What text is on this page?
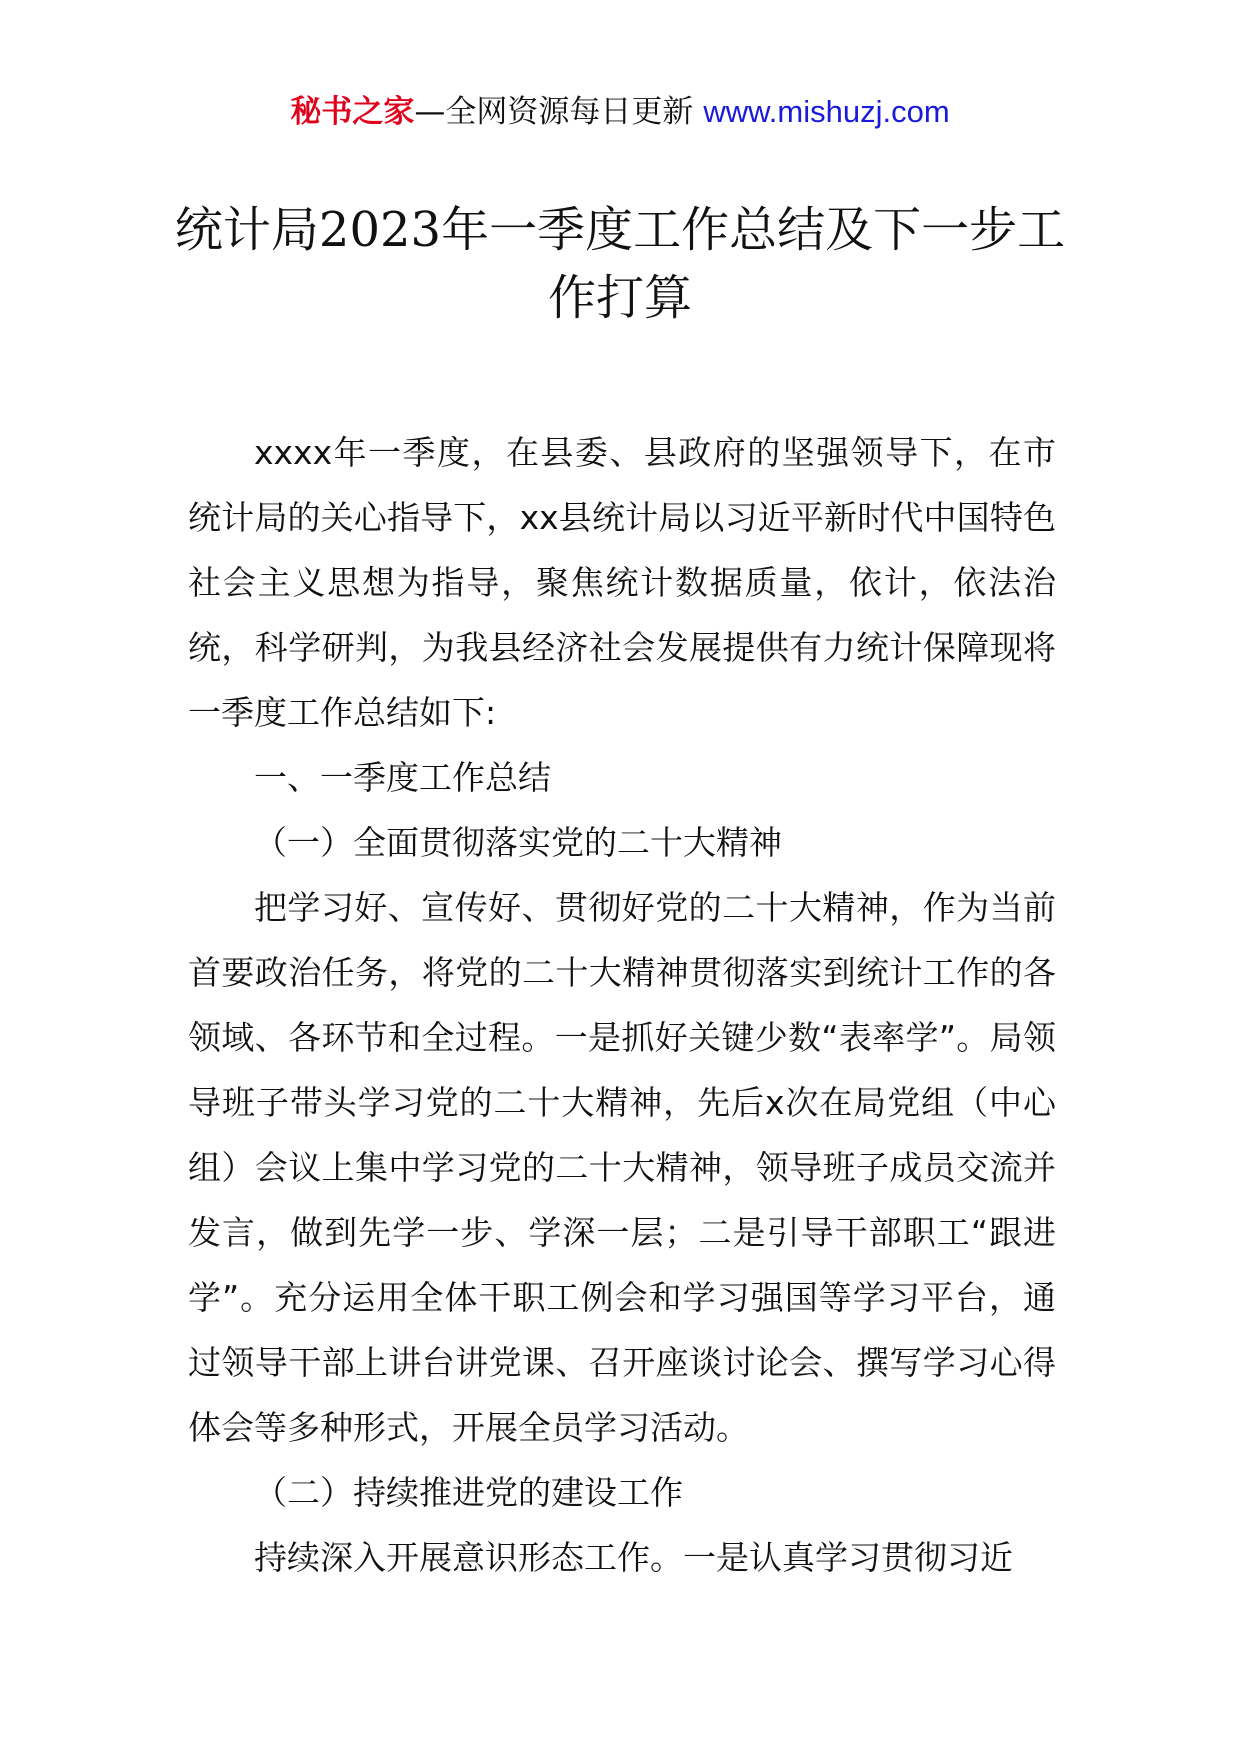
秘书之家—全网资源每日更新 www.mishuzj.com
统计局2023年一季度工作总结及下一步工作打算

xxxx年一季度，在县委、县政府的坚强领导下，在市统计局的关心指导下，xx县统计局以习近平新时代中国特色社会主义思想为指导，聚焦统计数据质量，依计，依法治统，科学研判，为我县经济社会发展提供有力统计保障现将一季度工作总结如下:

一、一季度工作总结

（一）全面贯彻落实党的二十大精神

把学习好、宣传好、贯彻好党的二十大精神，作为当前首要政治任务，将党的二十大精神贯彻落实到统计工作的各领域、各环节和全过程。一是抓好关键少数“表率学”。局领导班子带头学习党的二十大精神，先后x次在局党组（中心组）会议上集中学习党的二十大精神，领导班子成员交流并发言，做到先学一步、学深一层；二是引导干部职工“跟进学”。充分运用全体干职工例会和学习强国等学习平台，通过领导干部上讲台讲党课、召开座谈讨论会、撰写学习心得体会等多种形式，开展全员学习活动。

（二）持续推进党的建设工作

持续深入开展意识形态工作。一是认真学习贯彻习近
